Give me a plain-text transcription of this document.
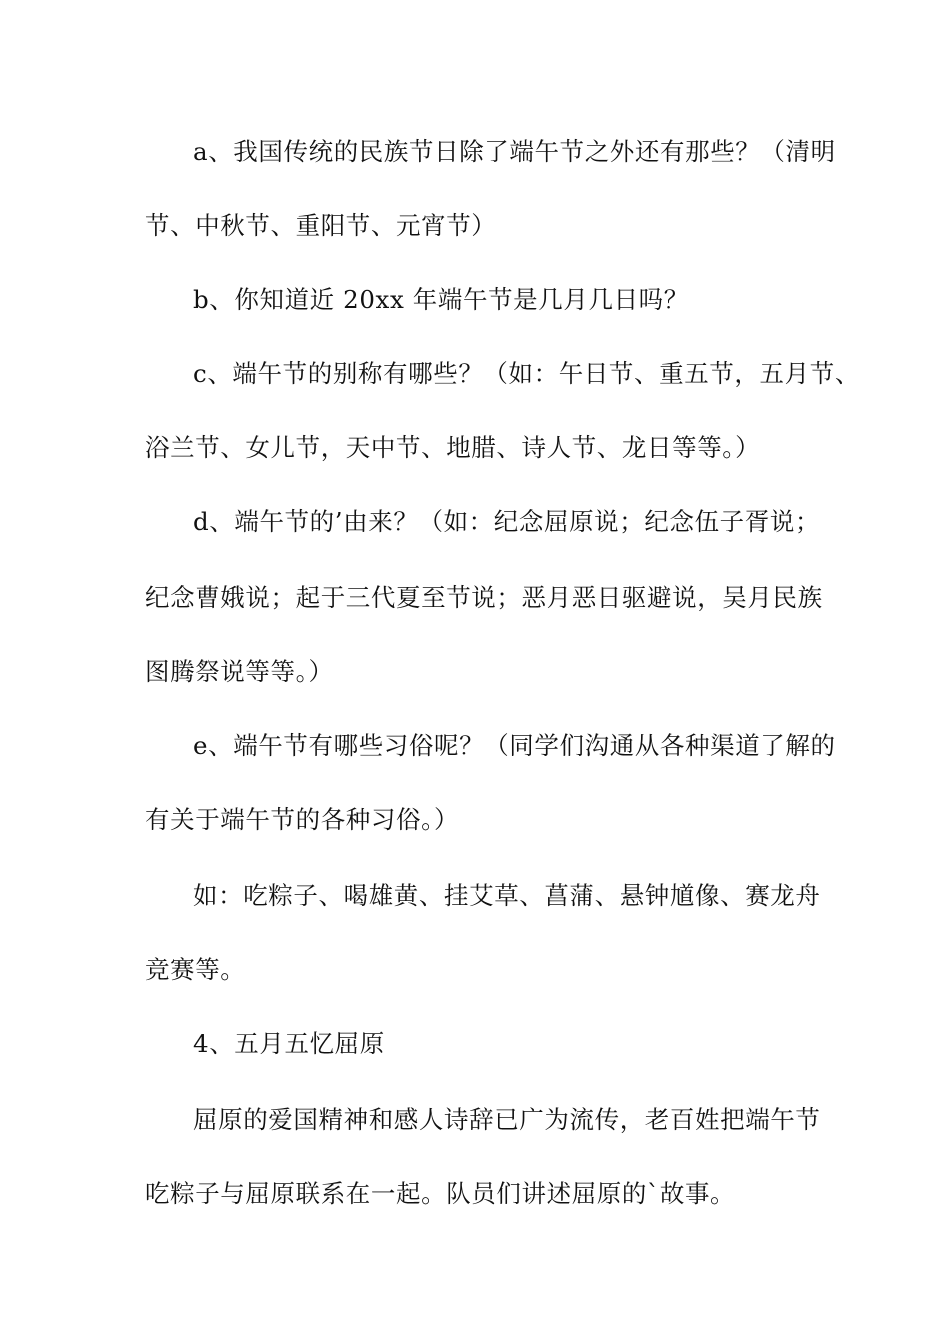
a、我国传统的民族节日除了端午节之外还有那些？（清明
节、中秋节、重阳节、元宵节）
b、你知道近 20xx 年端午节是几月几日吗？
c、端午节的别称有哪些？（如：午日节、重五节，五月节、
浴兰节、女儿节，天中节、地腊、诗人节、龙日等等。）
d、端午节的’由来？（如：纪念屈原说；纪念伍子胥说；
纪念曹娥说；起于三代夏至节说；恶月恶日驱避说，吴月民族
图腾祭说等等。）
e、端午节有哪些习俗呢？（同学们沟通从各种渠道了解的
有关于端午节的各种习俗。）
如：吃粽子、喝雄黄、挂艾草、菖蒲、悬钟馗像、赛龙舟
竞赛等。
4、五月五忆屈原
屈原的爱国精神和感人诗辞已广为流传，老百姓把端午节
吃粽子与屈原联系在一起。队员们讲述屈原的`故事。
